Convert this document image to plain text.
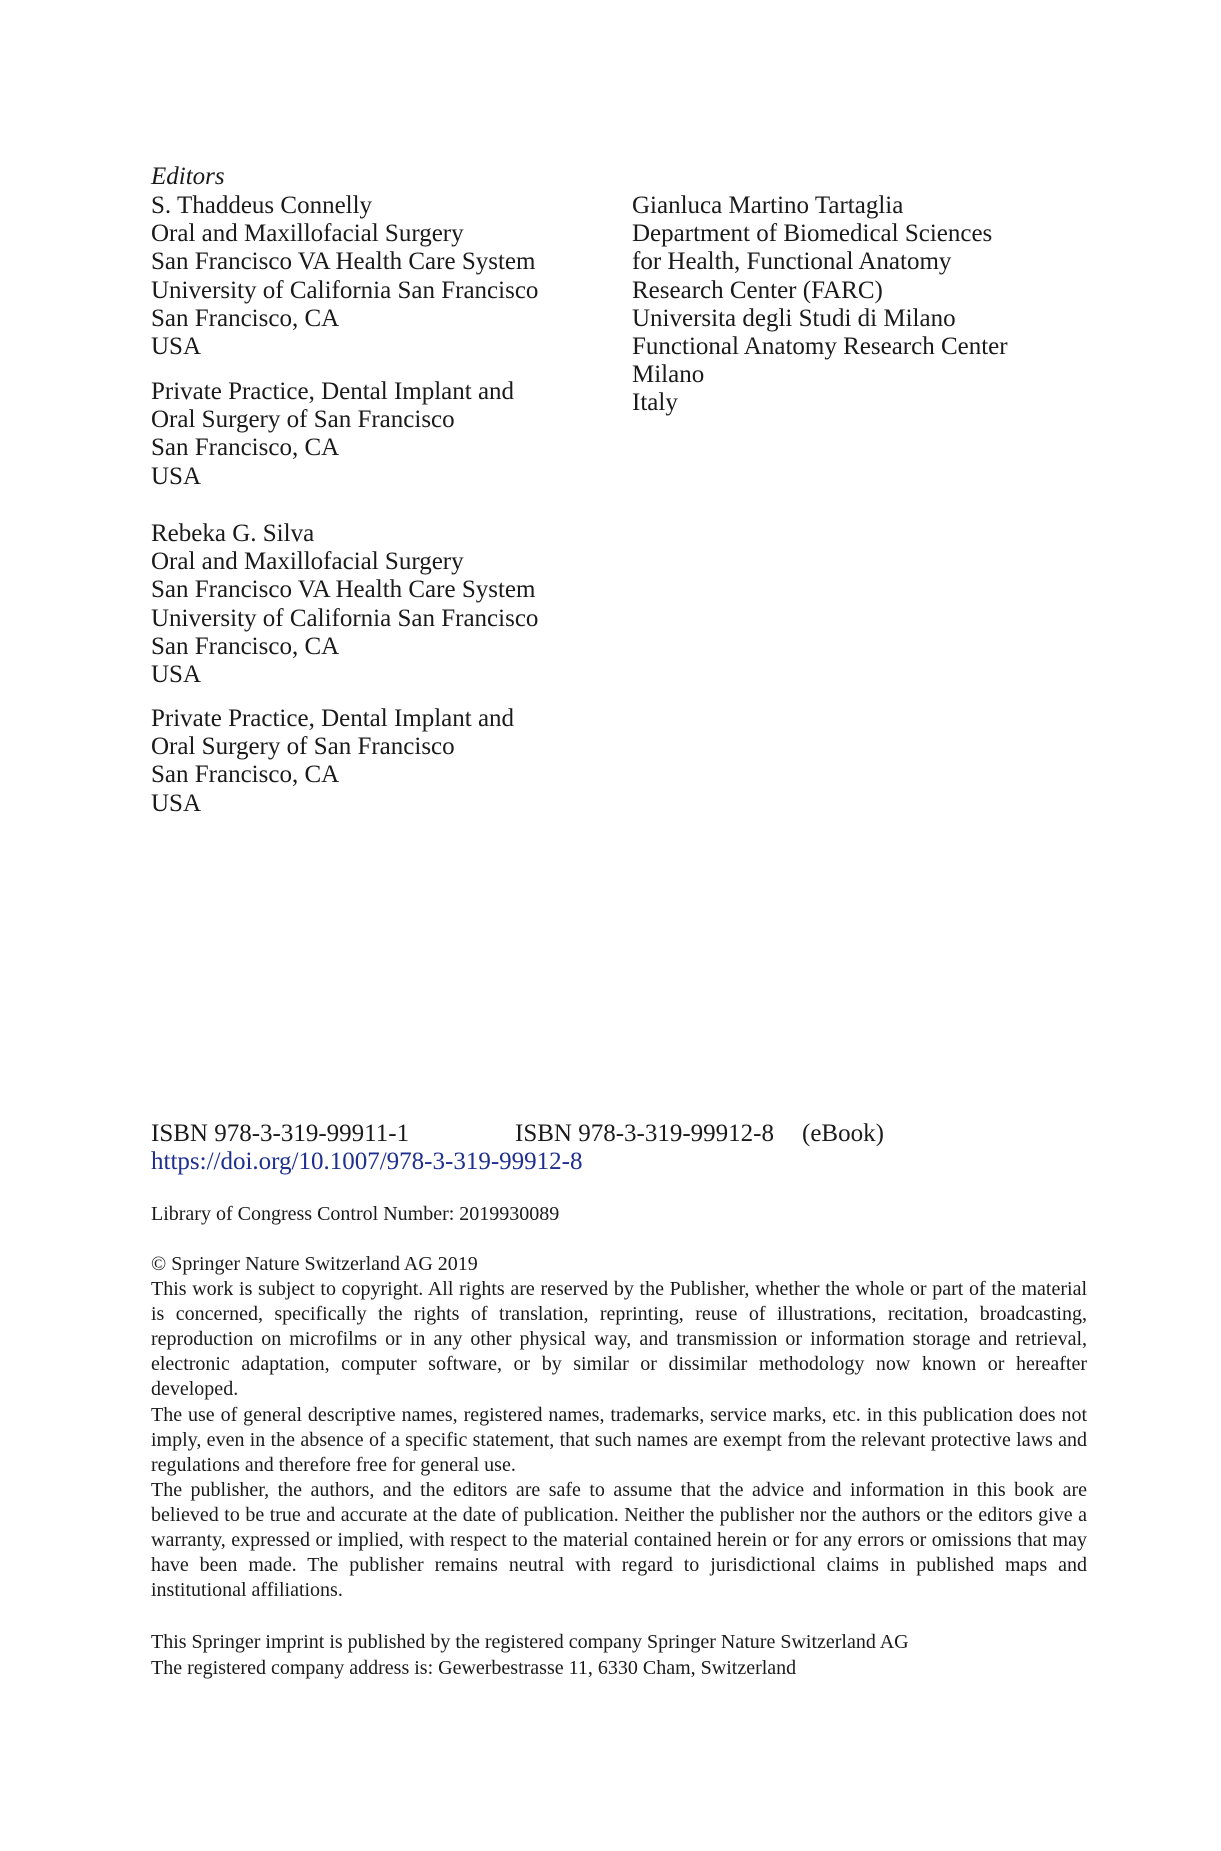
Editors
S. Thaddeus Connelly
Oral and Maxillofacial Surgery
San Francisco VA Health Care System
University of California San Francisco
San Francisco, CA
USA
Private Practice, Dental Implant and
Oral Surgery of San Francisco
San Francisco, CA
USA
Rebeka G. Silva
Oral and Maxillofacial Surgery
San Francisco VA Health Care System
University of California San Francisco
San Francisco, CA
USA
Private Practice, Dental Implant and
Oral Surgery of San Francisco
San Francisco, CA
USA
Gianluca Martino Tartaglia
Department of Biomedical Sciences
for Health, Functional Anatomy
Research Center (FARC)
Universita degli Studi di Milano
Functional Anatomy Research Center
Milano
Italy
ISBN 978-3-319-99911-1	ISBN 978-3-319-99912-8 (eBook)
https://doi.org/10.1007/978-3-319-99912-8
Library of Congress Control Number: 2019930089

© Springer Nature Switzerland AG 2019

This work is subject to copyright. All rights are reserved by the Publisher, whether the whole or part of the material is concerned, specifically the rights of translation, reprinting, reuse of illustrations, recitation, broadcasting, reproduction on microfilms or in any other physical way, and transmission or information storage and retrieval, electronic adaptation, computer software, or by similar or dissimilar methodology now known or hereafter developed.

The use of general descriptive names, registered names, trademarks, service marks, etc. in this publication does not imply, even in the absence of a specific statement, that such names are exempt from the relevant protective laws and regulations and therefore free for general use.

The publisher, the authors, and the editors are safe to assume that the advice and information in this book are believed to be true and accurate at the date of publication. Neither the publisher nor the authors or the editors give a warranty, expressed or implied, with respect to the material contained herein or for any errors or omissions that may have been made. The publisher remains neutral with regard to jurisdictional claims in published maps and institutional affiliations.

This Springer imprint is published by the registered company Springer Nature Switzerland AG

The registered company address is: Gewerbestrasse 11, 6330 Cham, Switzerland
